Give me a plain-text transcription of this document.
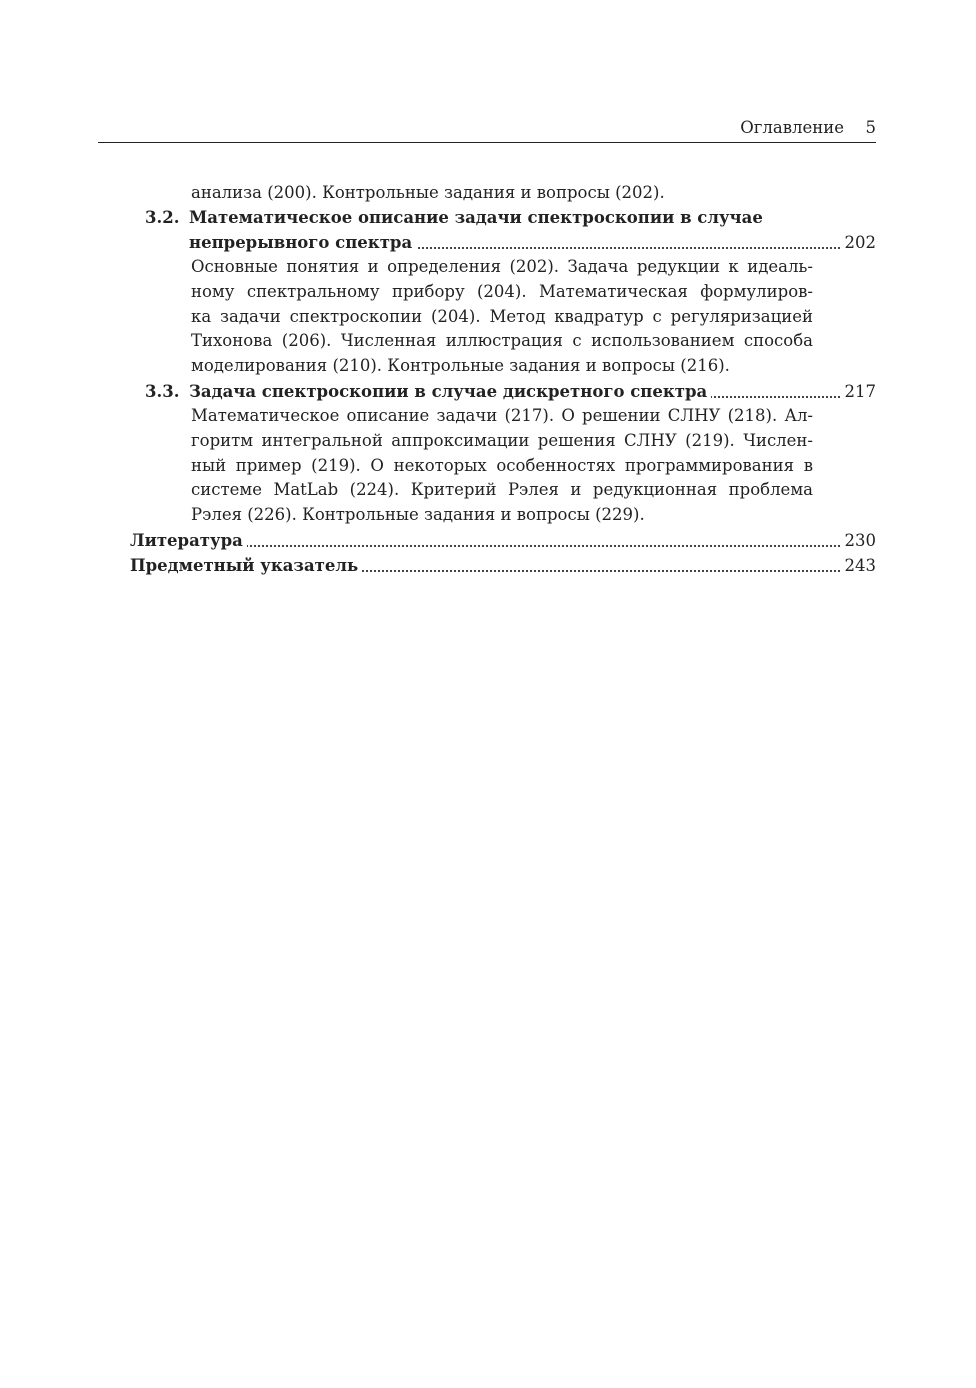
Оглавление 5
анализа (200). Контрольные задания и вопросы (202).
3.2. Математическое описание задачи спектроскопии в случае
непрерывного спектра	202
Основные понятия и определения (202). Задача редукции к идеаль-
ному спектральному прибору (204). Математическая формулиров-
ка задачи спектроскопии (204). Метод квадратур с регуляризацией
Тихонова (206). Численная иллюстрация с использованием способа
моделирования (210). Контрольные задания и вопросы (216).
3.3. Задача спектроскопии в случае дискретного спектра	217
Математическое описание задачи (217). О решении СЛНУ (218). Ал-
горитм интегральной аппроксимации решения СЛНУ (219). Числен-
ный пример (219). О некоторых особенностях программирования в
системе MatLab (224). Критерий Рэлея и редукционная проблема
Рэлея (226). Контрольные задания и вопросы (229).
Литература	230
Предметный указатель	243
